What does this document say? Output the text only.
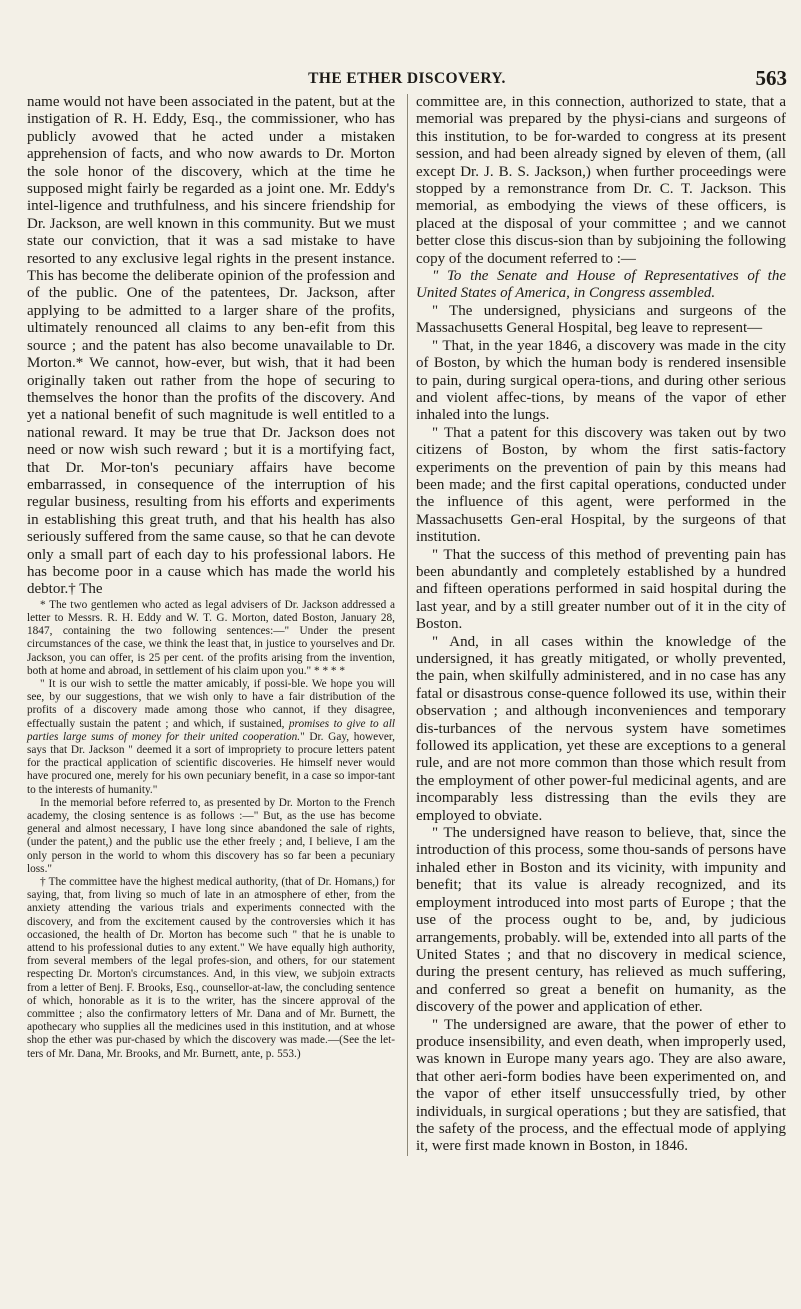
THE ETHER DISCOVERY.	563

name would not have been associated in the patent, but at the instigation of R. H. Eddy, Esq., the commissioner, who has publicly avowed that he acted under a mistaken apprehension of facts, and who now awards to Dr. Morton the sole honor of the discovery, which at the time he supposed might fairly be regarded as a joint one. Mr. Eddy's intel-ligence and truthfulness, and his sincere friendship for Dr. Jackson, are well known in this community. But we must state our conviction, that it was a sad mistake to have resorted to any exclusive legal rights in the present instance. This has become the deliberate opinion of the profession and of the public. One of the patentees, Dr. Jackson, after applying to be admitted to a larger share of the profits, ultimately renounced all claims to any ben-efit from this source ; and the patent has also become unavailable to Dr. Morton.* We cannot, how-ever, but wish, that it had been originally taken out rather from the hope of securing to themselves the honor than the profits of the discovery. And yet a national benefit of such magnitude is well entitled to a national reward. It may be true that Dr. Jackson does not need or now wish such reward ; but it is a mortifying fact, that Dr. Mor-ton's pecuniary affairs have become embarrassed, in consequence of the interruption of his regular business, resulting from his efforts and experiments in establishing this great truth, and that his health has also seriously suffered from the same cause, so that he can devote only a small part of each day to his professional labors. He has become poor in a cause which has made the world his debtor.† The

* The two gentlemen who acted as legal advisers of Dr. Jackson addressed a letter to Messrs. R. H. Eddy and W. T. G. Morton, dated Boston, January 28, 1847, containing the two following sentences:—" Under the present circumstances of the case, we think the least that, in justice to yourselves and Dr. Jackson, you can offer, is 25 per cent. of the profits arising from the invention, both at home and abroad, in settlement of his claim upon you." * * * *

" It is our wish to settle the matter amicably, if possi-ble. We hope you will see, by our suggestions, that we wish only to have a fair distribution of the profits of a discovery made among those who cannot, if they disagree, effectually sustain the patent ; and which, if sustained, promises to give to all parties large sums of money for their united cooperation." Dr. Gay, however, says that Dr. Jackson " deemed it a sort of impropriety to procure letters patent for the practical application of scientific discoveries. He himself never would have procured one, merely for his own pecuniary benefit, in a case so impor-tant to the interests of humanity."

In the memorial before referred to, as presented by Dr. Morton to the French academy, the closing sentence is as follows :—" But, as the use has become general and almost necessary, I have long since abandoned the sale of rights, (under the patent,) and the public use the ether freely ; and, I believe, I am the only person in the world to whom this discovery has so far been a pecuniary loss."

† The committee have the highest medical authority, (that of Dr. Homans,) for saying, that, from living so much of late in an atmosphere of ether, from the anxiety attending the various trials and experiments connected with the discovery, and from the excitement caused by the controversies which it has occasioned, the health of Dr. Morton has become such " that he is unable to attend to his professional duties to any extent." We have equally high authority, from several members of the legal profes-sion, and others, for our statement respecting Dr. Morton's circumstances. And, in this view, we subjoin extracts from a letter of Benj. F. Brooks, Esq., counsellor-at-law, the concluding sentence of which, honorable as it is to the writer, has the sincere approval of the committee ; also the confirmatory letters of Mr. Dana and of Mr. Burnett, the apothecary who supplies all the medicines used in this institution, and at whose shop the ether was pur-chased by which the discovery was made.—(See the let-ters of Mr. Dana, Mr. Brooks, and Mr. Burnett, ante, p. 553.)

committee are, in this connection, authorized to state, that a memorial was prepared by the physi-cians and surgeons of this institution, to be for-warded to congress at its present session, and had been already signed by eleven of them, (all except Dr. J. B. S. Jackson,) when further proceedings were stopped by a remonstrance from Dr. C. T. Jackson. This memorial, as embodying the views of these officers, is placed at the disposal of your committee ; and we cannot better close this discus-sion than by subjoining the following copy of the document referred to :—

" To the Senate and House of Representatives of the United States of America, in Congress assembled.

" The undersigned, physicians and surgeons of the Massachusetts General Hospital, beg leave to represent—

" That, in the year 1846, a discovery was made in the city of Boston, by which the human body is rendered insensible to pain, during surgical opera-tions, and during other serious and violent affec-tions, by means of the vapor of ether inhaled into the lungs.

" That a patent for this discovery was taken out by two citizens of Boston, by whom the first satis-factory experiments on the prevention of pain by this means had been made; and the first capital operations, conducted under the influence of this agent, were performed in the Massachusetts Gen-eral Hospital, by the surgeons of that institution.

" That the success of this method of preventing pain has been abundantly and completely established by a hundred and fifteen operations performed in said hospital during the last year, and by a still greater number out of it in the city of Boston.

" And, in all cases within the knowledge of the undersigned, it has greatly mitigated, or wholly prevented, the pain, when skilfully administered, and in no case has any fatal or disastrous conse-quence followed its use, within their observation ; and although inconveniences and temporary dis-turbances of the nervous system have sometimes followed its application, yet these are exceptions to a general rule, and are not more common than those which result from the employment of other power-ful medicinal agents, and are incomparably less distressing than the evils they are employed to obviate.

" The undersigned have reason to believe, that, since the introduction of this process, some thou-sands of persons have inhaled ether in Boston and its vicinity, with impunity and benefit; that its value is already recognized, and its employment introduced into most parts of Europe ; that the use of the process ought to be, and, by judicious arrangements, probably. will be, extended into all parts of the United States ; and that no discovery in medical science, during the present century, has relieved as much suffering, and conferred so great a benefit on humanity, as the discovery of the power and application of ether.

" The undersigned are aware, that the power of ether to produce insensibility, and even death, when improperly used, was known in Europe many years ago. They are also aware, that other aeri-form bodies have been experimented on, and the vapor of ether itself unsuccessfully tried, by other individuals, in surgical operations ; but they are satisfied, that the safety of the process, and the effectual mode of applying it, were first made known in Boston, in 1846.
